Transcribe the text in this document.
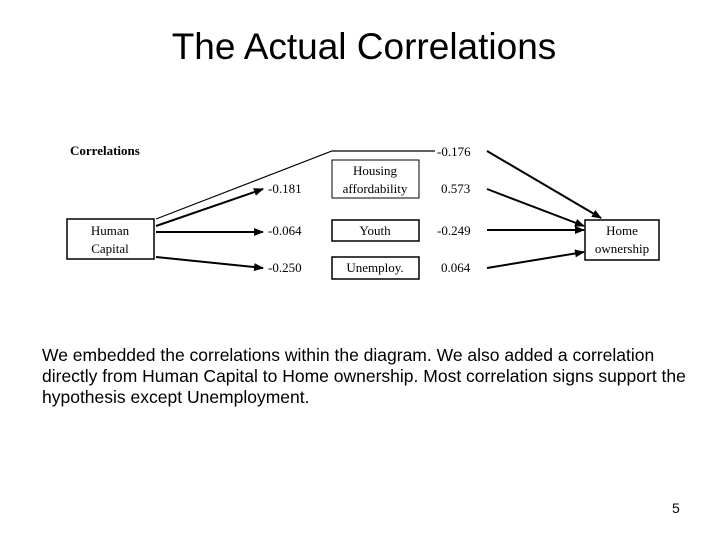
The Actual Correlations
Correlations
Human
Capital
Housing
affordability
Youth
Unemploy.
Home
ownership
-0.176
-0.181	0.573
-0.064	-0.249
-0.250	0.064
We embedded the correlations within the diagram. We also added a correlation directly from Human Capital to Home ownership. Most correlation signs support the hypothesis except Unemployment.
5
